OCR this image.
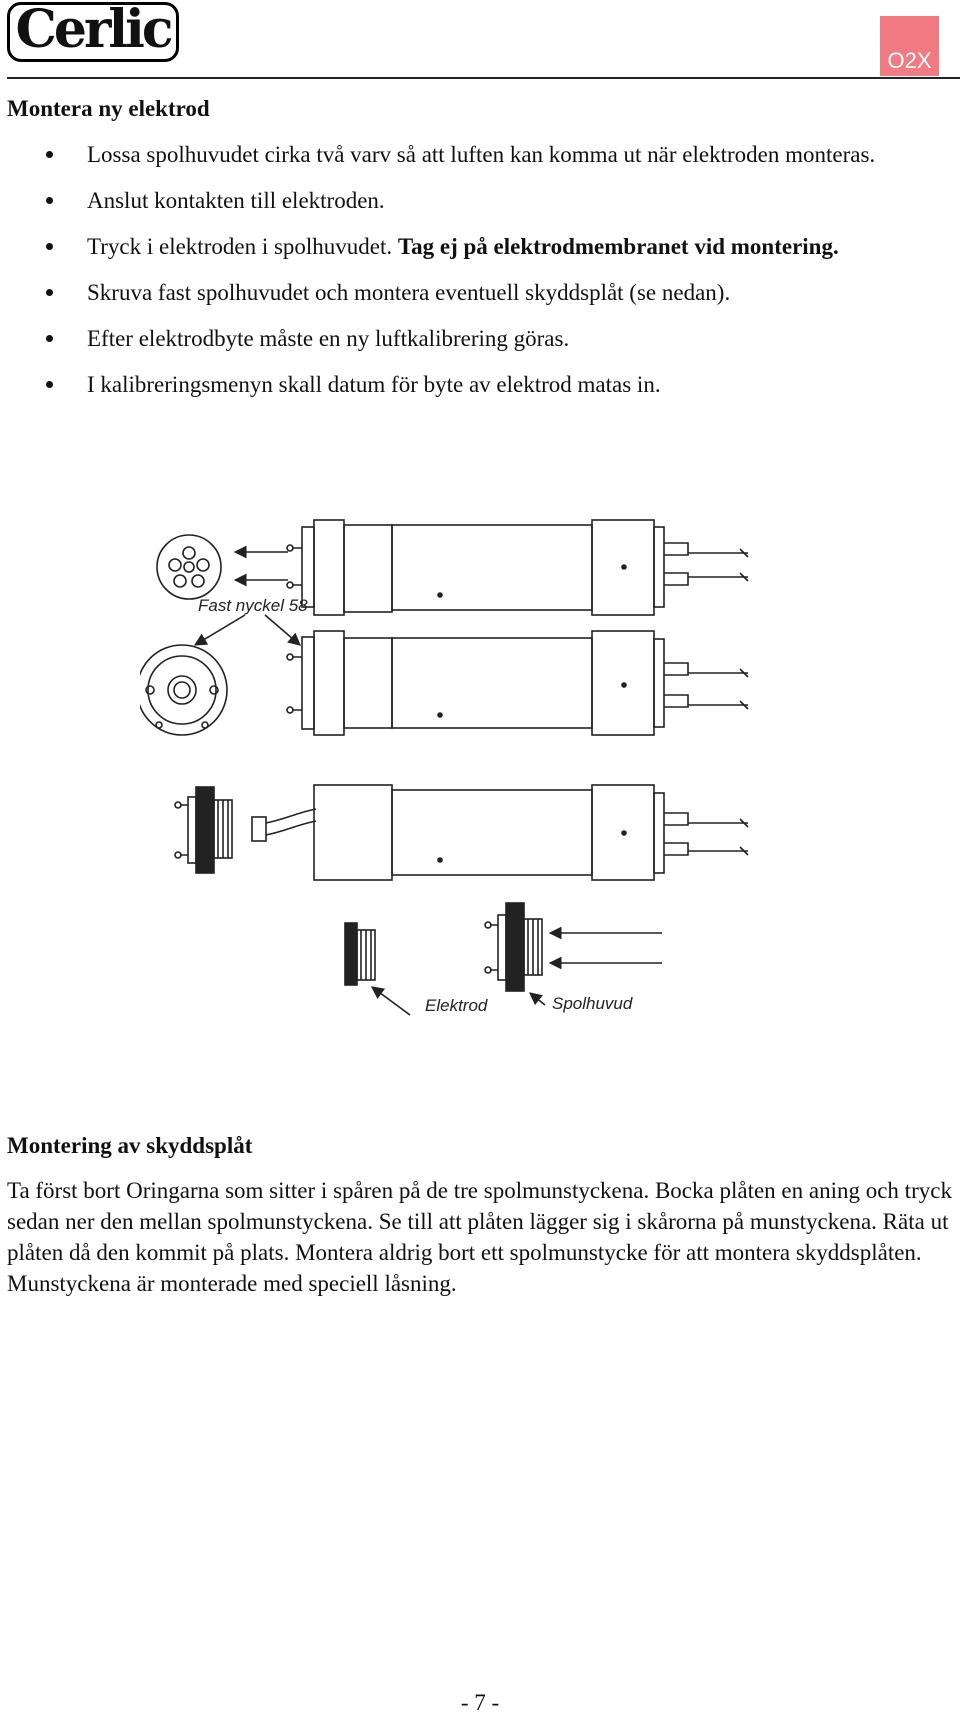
Cerlic
O2X
Montera ny elektrod
Lossa spolhuvudet cirka två varv så att luften kan komma ut när elektroden monteras.
Anslut kontakten till elektroden.
Tryck i elektroden i spolhuvudet. Tag ej på elektrodmembranet vid montering.
Skruva fast spolhuvudet och montera eventuell skyddsplåt (se nedan).
Efter elektrodbyte måste en ny luftkalibrering göras.
I kalibreringsmenyn skall datum för byte av elektrod matas in.
Fast nyckel 58
Elektrod	Spolhuvud
Montering av skyddsplåt

Ta först bort Oringarna som sitter i spåren på de tre spolmunstyckena. Bocka plåten en aning och tryck sedan ner den mellan spolmunstyckena. Se till att plåten lägger sig i skårorna på munstyckena. Räta ut plåten då den kommit på plats. Montera aldrig bort ett spolmunstycke för att montera skyddsplåten. Munstyckena är monterade med speciell låsning.

- 7 -
